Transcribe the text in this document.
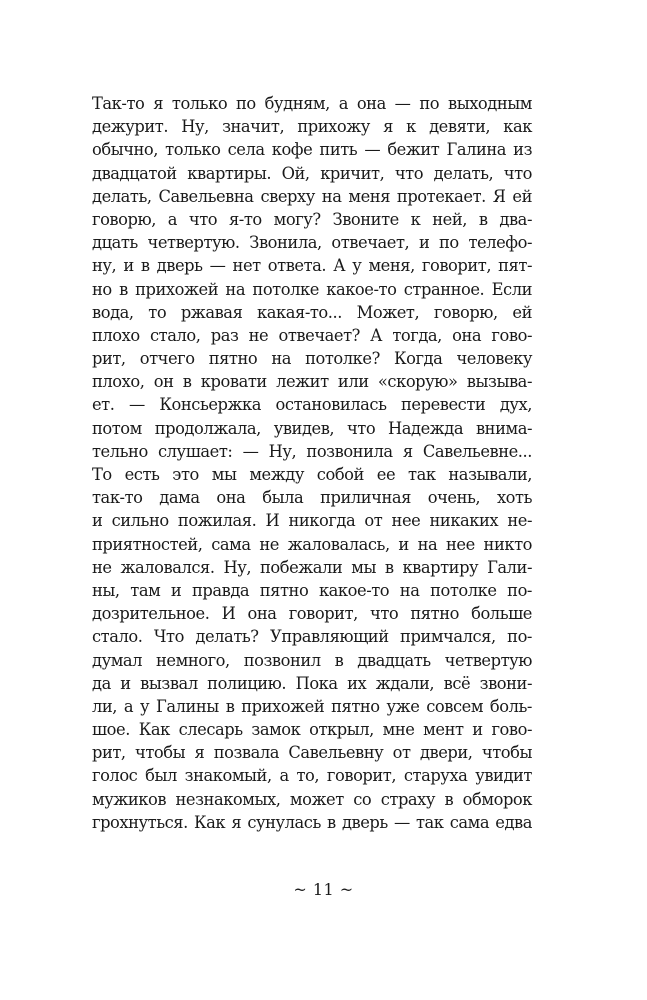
Так-то я только по будням, а она — по выходным
дежурит. Ну, значит, прихожу я к девяти, как
обычно, только села кофе пить — бежит Галина из
двадцатой квартиры. Ой, кричит, что делать, что
делать, Савельевна сверху на меня протекает. Я ей
говорю, а что я-то могу? Звоните к ней, в два-
дцать четвертую. Звонила, отвечает, и по телефо-
ну, и в дверь — нет ответа. А у меня, говорит, пят-
но в прихожей на потолке какое-то странное. Если
вода, то ржавая какая-то... Может, говорю, ей
плохо стало, раз не отвечает? А тогда, она гово-
рит, отчего пятно на потолке? Когда человеку
плохо, он в кровати лежит или «скорую» вызыва-
ет. — Консьержка остановилась перевести дух,
потом продолжала, увидев, что Надежда внима-
тельно слушает: — Ну, позвонила я Савельевне...
То есть это мы между собой ее так называли,
так-то дама она была приличная очень, хоть
и сильно пожилая. И никогда от нее никаких не-
приятностей, сама не жаловалась, и на нее никто
не жаловался. Ну, побежали мы в квартиру Гали-
ны, там и правда пятно какое-то на потолке по-
дозрительное. И она говорит, что пятно больше
стало. Что делать? Управляющий примчался, по-
думал немного, позвонил в двадцать четвертую
да и вызвал полицию. Пока их ждали, всё звони-
ли, а у Галины в прихожей пятно уже совсем боль-
шое. Как слесарь замок открыл, мне мент и гово-
рит, чтобы я позвала Савельевну от двери, чтобы
голос был знакомый, а то, говорит, старуха увидит
мужиков незнакомых, может со страху в обморок
грохнуться. Как я сунулась в дверь — так сама едва
~ 11 ~
